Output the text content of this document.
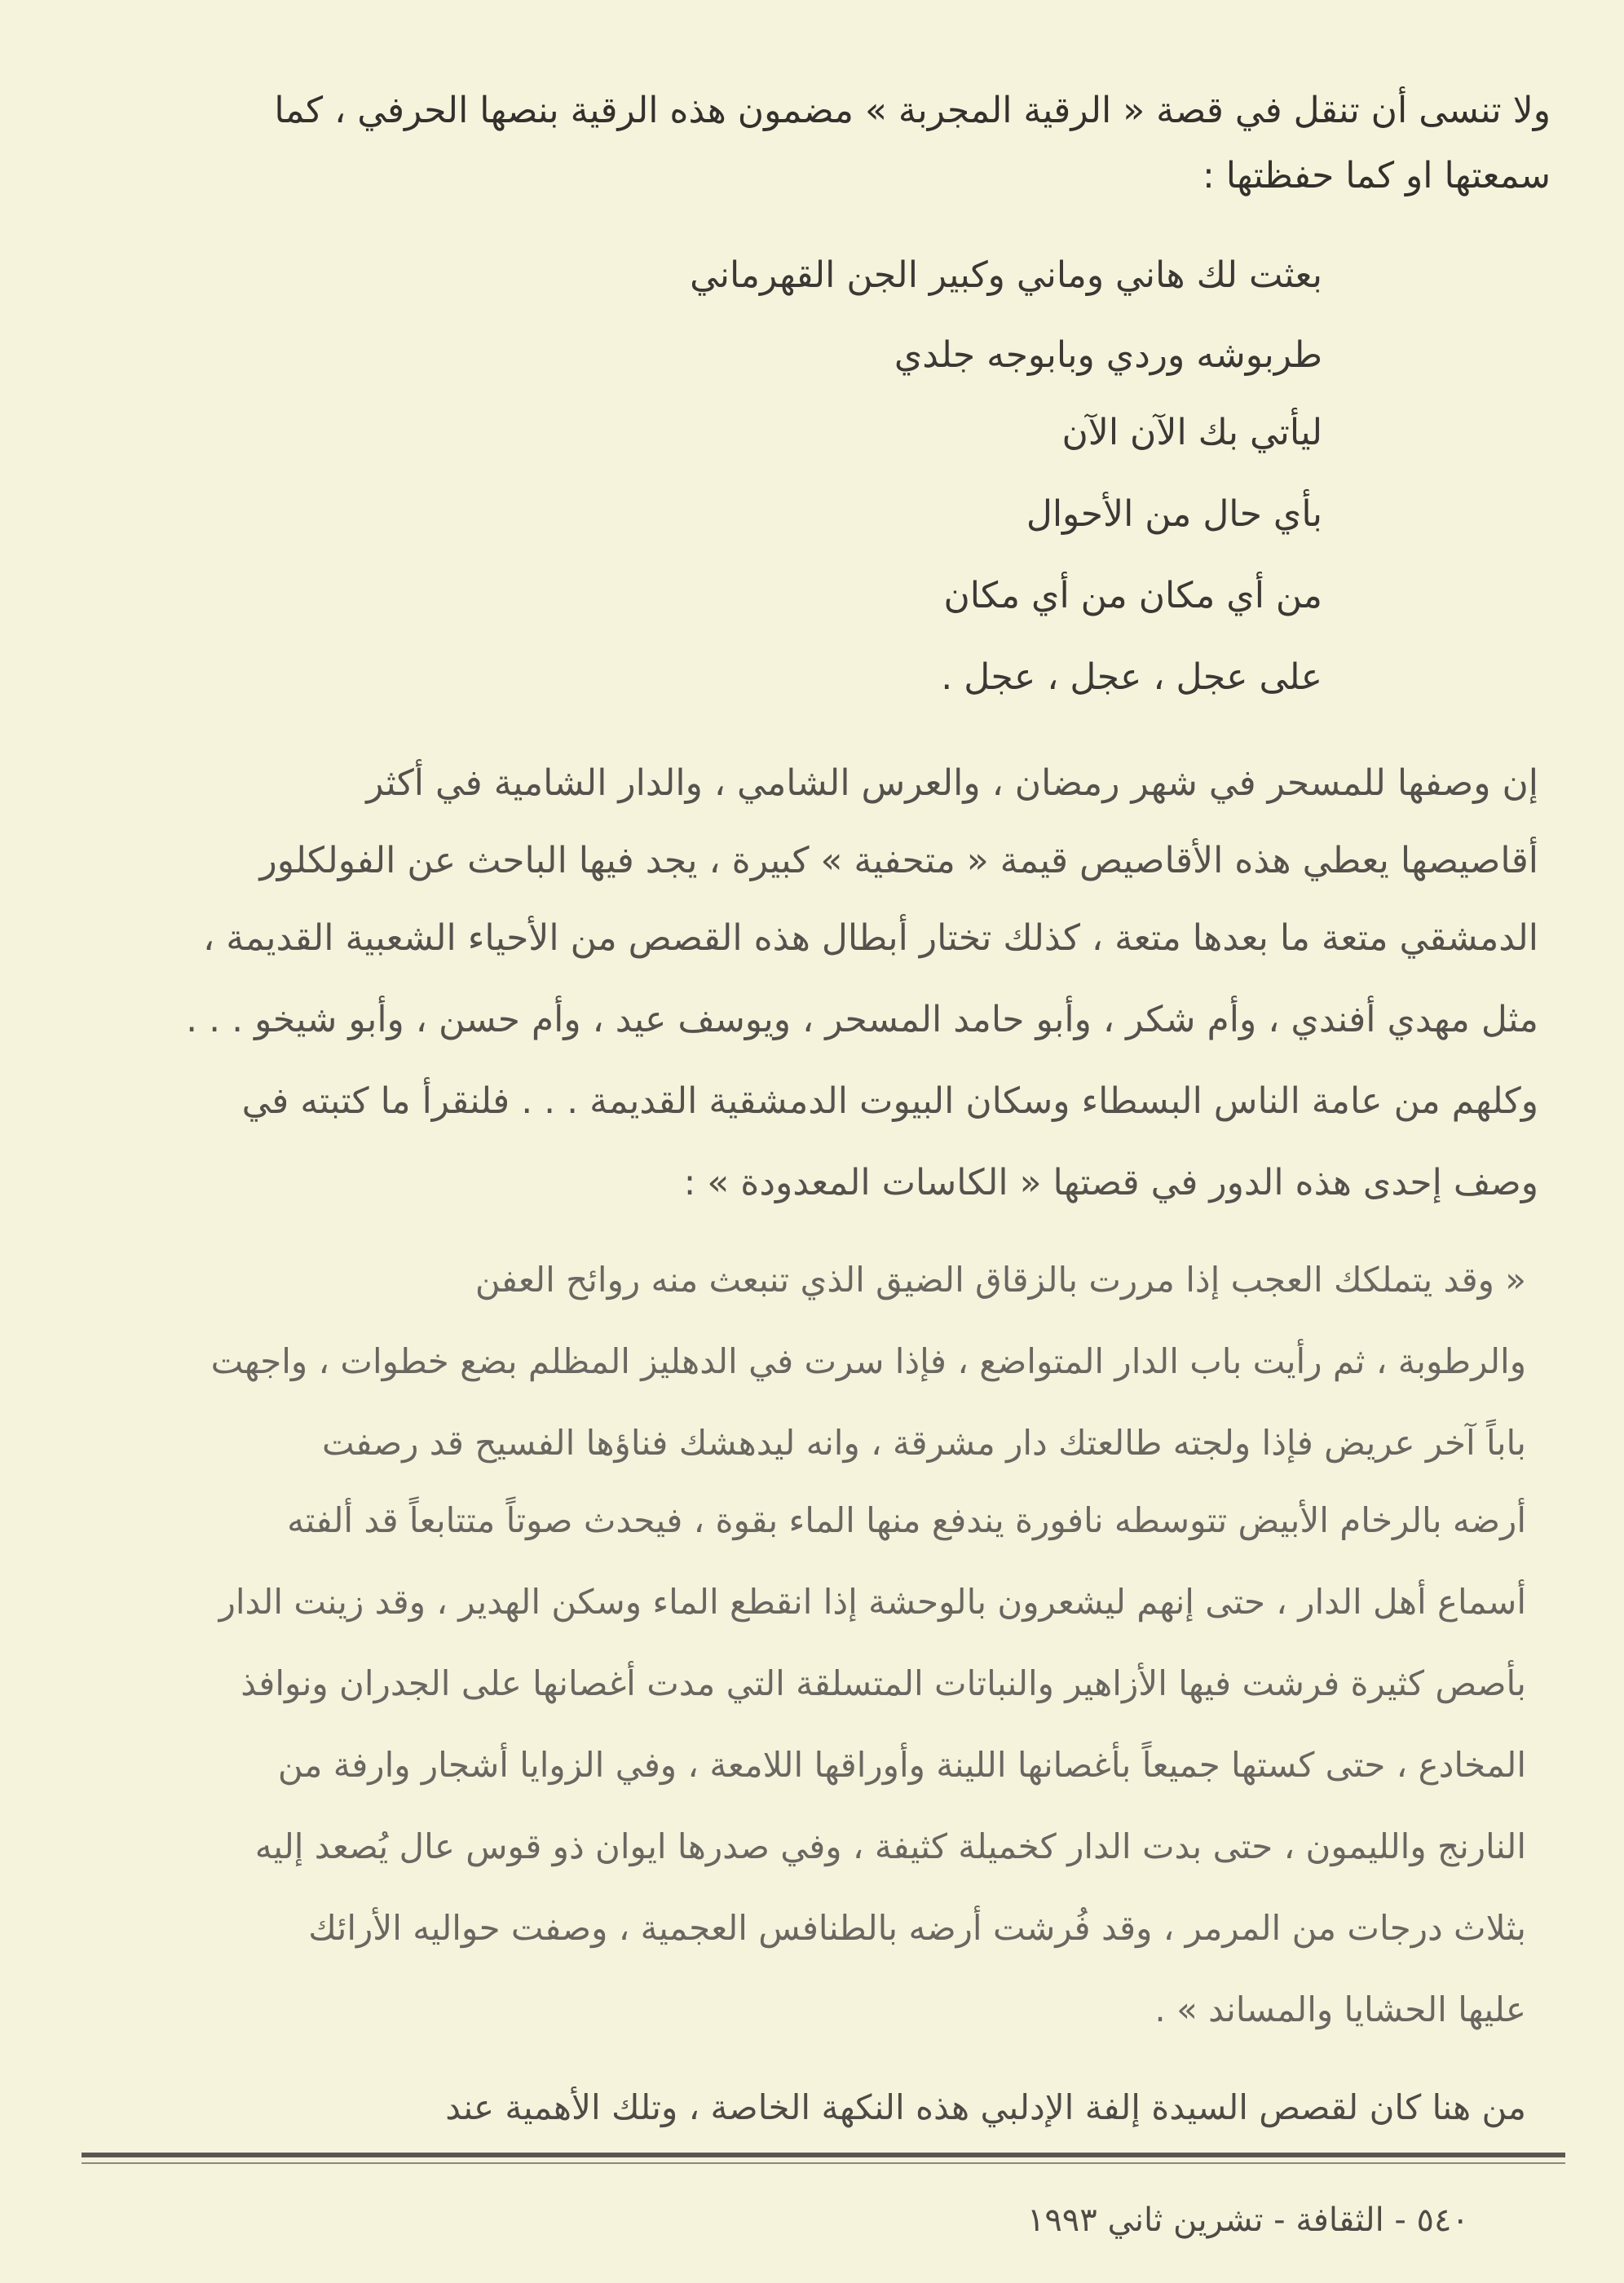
ولا تنسى أن تنقل في قصة « الرقية المجربة » مضمون هذه الرقية بنصها الحرفي ، كما
سمعتها او كما حفظتها :
بعثت لك هاني وماني وكبير الجن القهرماني
طربوشه وردي وبابوجه جلدي
ليأتي بك الآن الآن
بأي حال من الأحوال
من أي مكان من أي مكان
على عجل ، عجل ، عجل .
إن وصفها للمسحر في شهر رمضان ، والعرس الشامي ، والدار الشامية في أكثر
أقاصيصها يعطي هذه الأقاصيص قيمة « متحفية » كبيرة ، يجد فيها الباحث عن الفولكلور
الدمشقي متعة ما بعدها متعة ، كذلك تختار أبطال هذه القصص من الأحياء الشعبية القديمة ،
مثل مهدي أفندي ، وأم شكر ، وأبو حامد المسحر ، ويوسف عيد ، وأم حسن ، وأبو شيخو . . .
وكلهم من عامة الناس البسطاء وسكان البيوت الدمشقية القديمة . . . فلنقرأ ما كتبته في
وصف إحدى هذه الدور في قصتها « الكاسات المعدودة » :
« وقد يتملكك العجب إذا مررت بالزقاق الضيق الذي تنبعث منه روائح العفن
والرطوبة ، ثم رأيت باب الدار المتواضع ، فإذا سرت في الدهليز المظلم بضع خطوات ، واجهت
باباً آخر عريض فإذا ولجته طالعتك دار مشرقة ، وانه ليدهشك فناؤها الفسيح قد رصفت
أرضه بالرخام الأبيض تتوسطه نافورة يندفع منها الماء بقوة ، فيحدث صوتاً متتابعاً قد ألفته
أسماع أهل الدار ، حتى إنهم ليشعرون بالوحشة إذا انقطع الماء وسكن الهدير ، وقد زينت الدار
بأصص كثيرة فرشت فيها الأزاهير والنباتات المتسلقة التي مدت أغصانها على الجدران ونوافذ
المخادع ، حتى كستها جميعاً بأغصانها اللينة وأوراقها اللامعة ، وفي الزوايا أشجار وارفة من
النارنج والليمون ، حتى بدت الدار كخميلة كثيفة ، وفي صدرها ايوان ذو قوس عال يُصعد إليه
بثلاث درجات من المرمر ، وقد فُرشت أرضه بالطنافس العجمية ، وصفت حواليه الأرائك
عليها الحشايا والمساند » .
من هنا كان لقصص السيدة إلفة الإدلبي هذه النكهة الخاصة ، وتلك الأهمية عند
٥٤٠ - الثقافة - تشرين ثاني ١٩٩٣
